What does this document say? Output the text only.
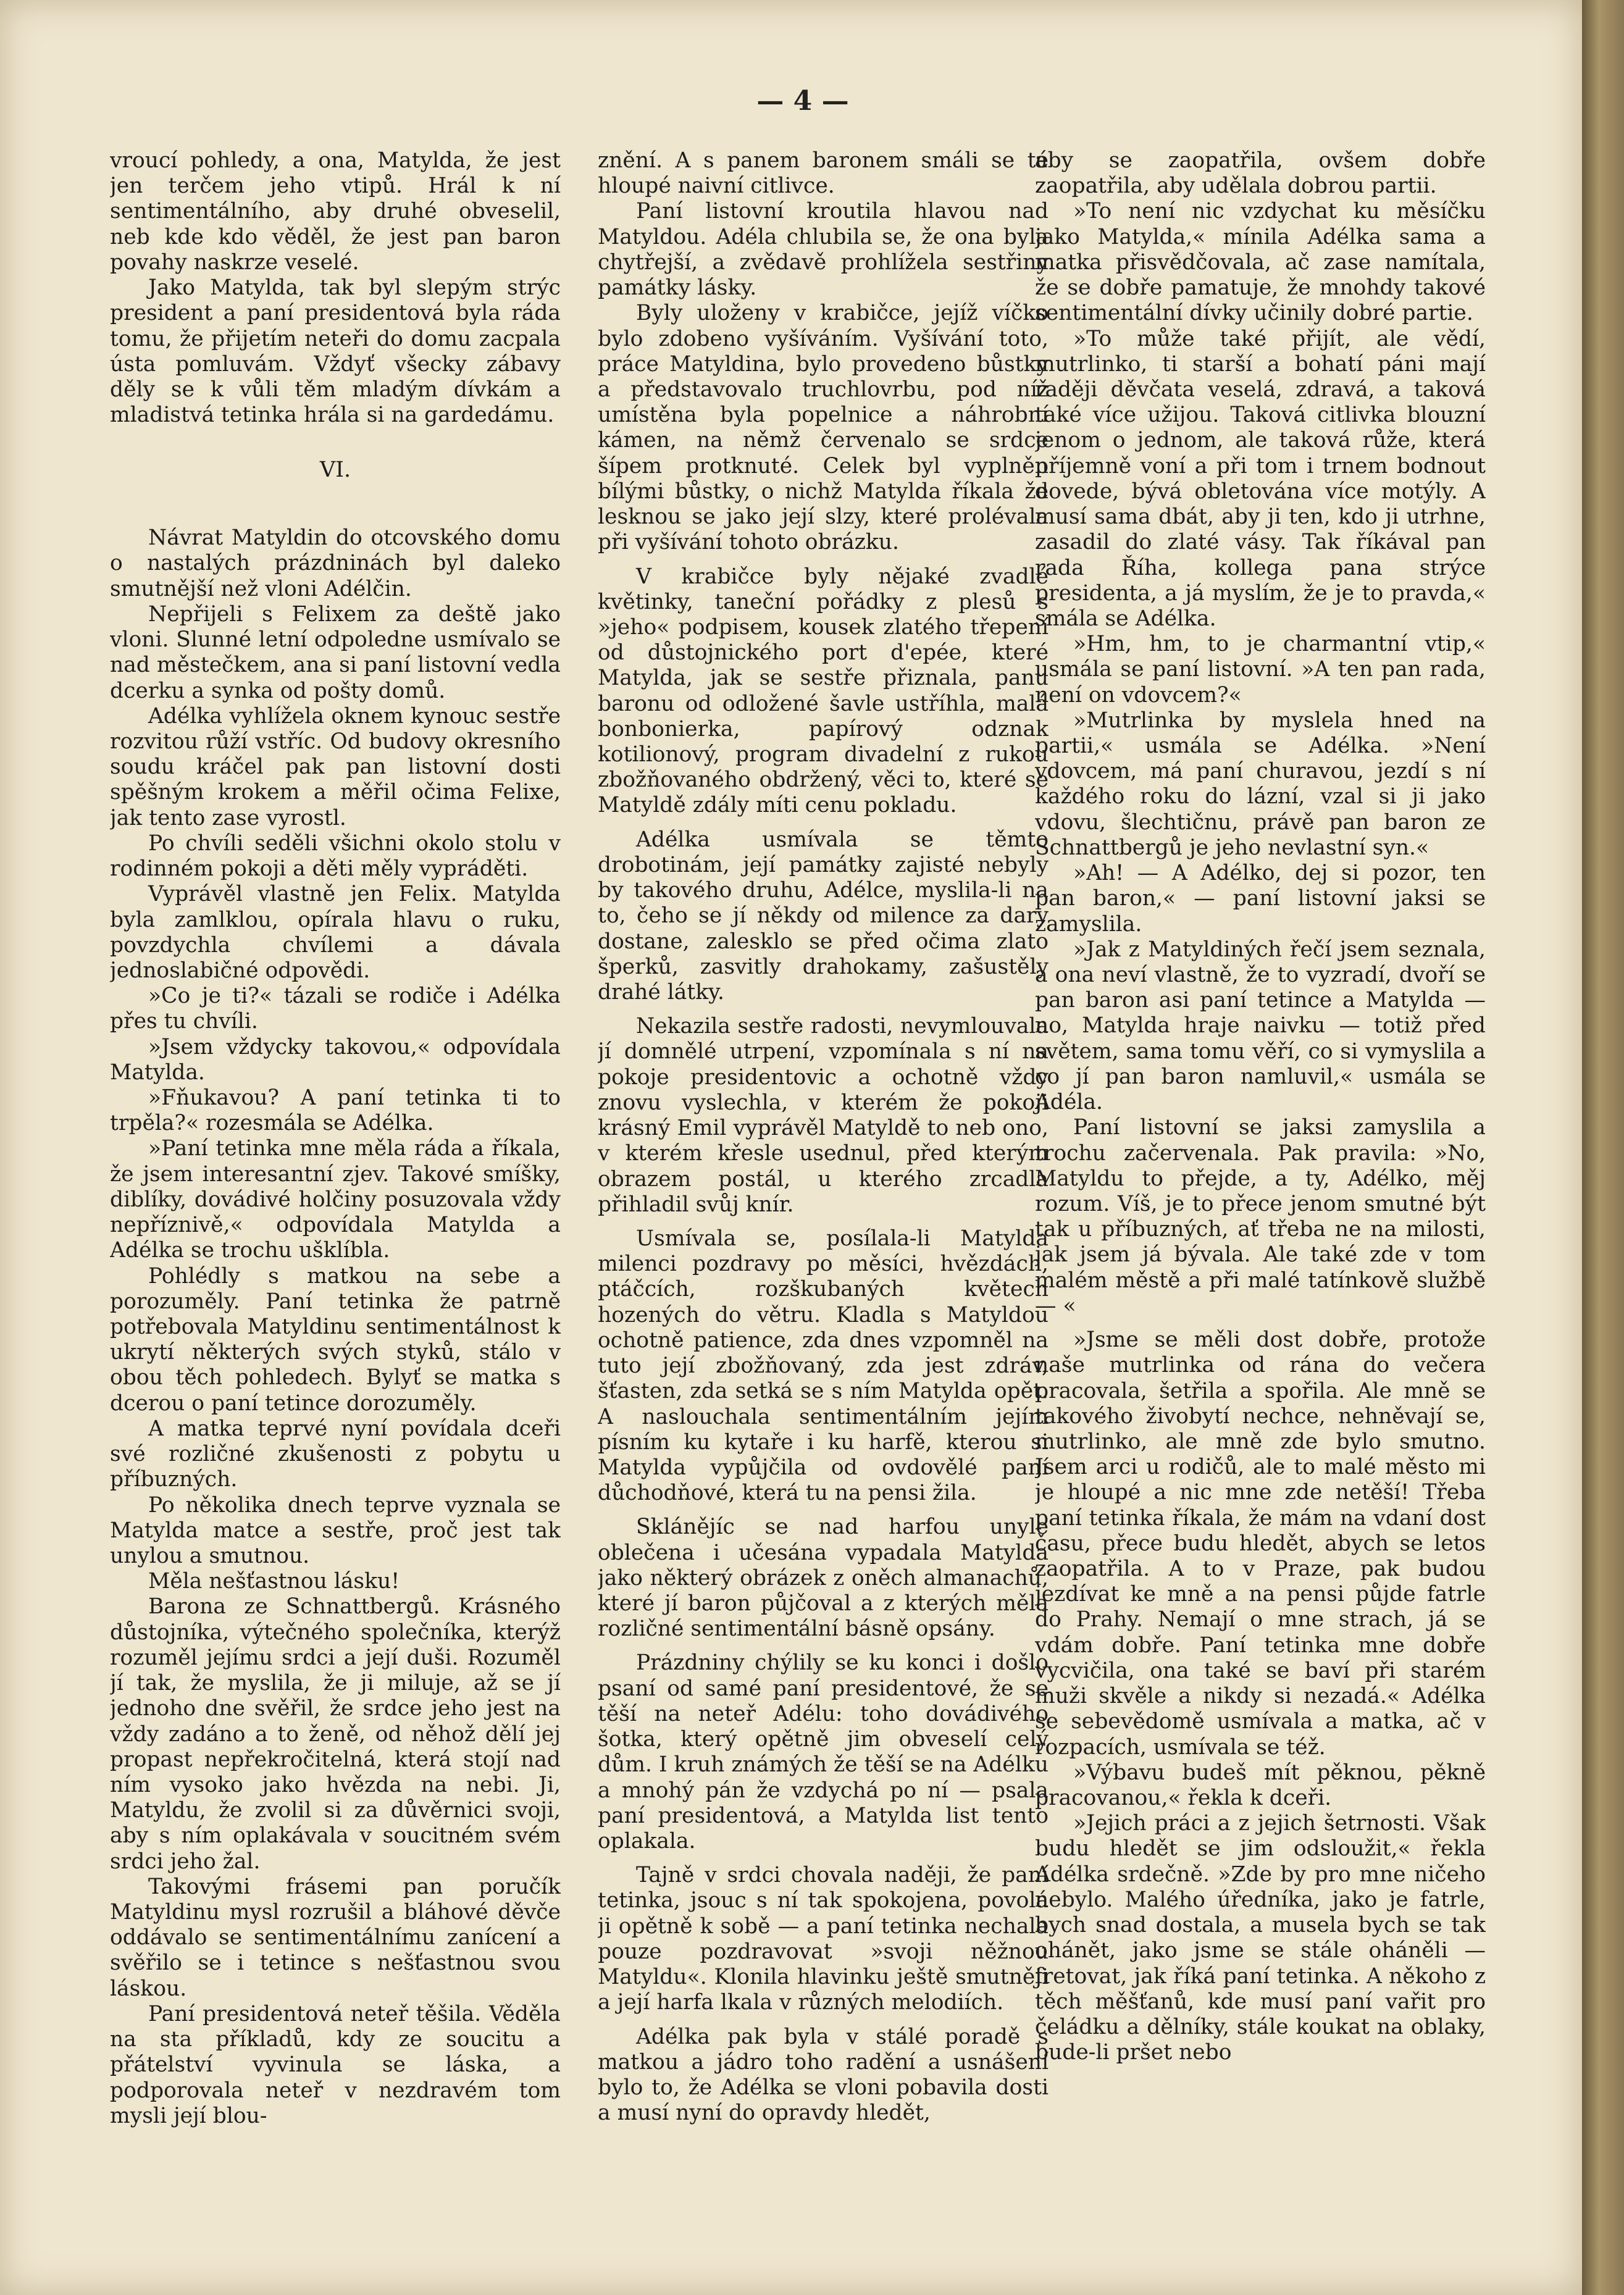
— 4 —

vroucí pohledy, a ona, Matylda, že jest jen terčem jeho vtipů. Hrál k ní sentimentálního, aby druhé obveselil, neb kde kdo věděl, že jest pan baron povahy naskrze veselé.

Jako Matylda, tak byl slepým strýc president a paní presidentová byla ráda tomu, že přijetím neteři do domu zacpala ústa pomluvám. Vždyť všecky zábavy děly se k vůli těm mladým dívkám a mladistvá tetinka hrála si na gardedámu.

VI.

Návrat Matyldin do otcovského domu o nastalých prázdninách byl daleko smutnější než vloni Adélčin.

Nepřijeli s Felixem za deště jako vloni. Slunné letní odpoledne usmívalo se nad městečkem, ana si paní listovní vedla dcerku a synka od pošty domů.

Adélka vyhlížela oknem kynouc sestře rozvitou růží vstříc. Od budovy okresního soudu kráčel pak pan listovní dosti spěšným krokem a měřil očima Felixe, jak tento zase vyrostl.

Po chvíli seděli všichni okolo stolu v rodinném pokoji a děti měly vypráděti.

Vyprávěl vlastně jen Felix. Matylda byla zamlklou, opírala hlavu o ruku, povzdychla chvílemi a dávala jednoslabičné odpovědi.

»Co je ti?« tázali se rodiče i Adélka přes tu chvíli.

»Jsem vždycky takovou,« odpovídala Matylda.

»Fňukavou? A paní tetinka ti to trpěla?« rozesmála se Adélka.

»Paní tetinka mne měla ráda a říkala, že jsem interesantní zjev. Takové smíšky, diblíky, dovádivé holčiny posuzovala vždy nepříznivě,« odpovídala Matylda a Adélka se trochu ušklíbla.

Pohlédly s matkou na sebe a porozuměly. Paní tetinka že patrně potřebovala Matyldinu sentimentálnost k ukrytí některých svých styků, stálo v obou těch pohledech. Bylyť se matka s dcerou o paní tetince dorozuměly.

A matka teprvé nyní povídala dceři své rozličné zkušenosti z pobytu u příbuzných.

Po několika dnech teprve vyznala se Matylda matce a sestře, proč jest tak unylou a smutnou.

Měla nešťastnou lásku!

Barona ze Schnattbergů. Krásného důstojníka, výtečného společníka, kterýž rozuměl jejímu srdci a její duši. Rozuměl jí tak, že myslila, že ji miluje, až se jí jednoho dne svěřil, že srdce jeho jest na vždy zadáno a to ženě, od něhož dělí jej propast nepřekročitelná, která stojí nad ním vysoko jako hvězda na nebi. Ji, Matyldu, že zvolil si za důvěrnici svoji, aby s ním oplakávala v soucitném svém srdci jeho žal.

Takovými frásemi pan poručík Matyldinu mysl rozrušil a bláhové děvče oddávalo se sentimentálnímu zanícení a svěřilo se i tetince s nešťastnou svou láskou.

Paní presidentová neteř těšila. Věděla na sta příkladů, kdy ze soucitu a přátelství vyvinula se láska, a podporovala neteř v nezdravém tom mysli její blou-

znění. A s panem baronem smáli se té hloupé naivní citlivce.

Paní listovní kroutila hlavou nad Matyldou. Adéla chlubila se, že ona byla chytřejší, a zvědavě prohlížela sestřiny památky lásky.

Byly uloženy v krabičce, jejíž víčko bylo zdobeno vyšíváním. Vyšívání toto, práce Matyldina, bylo provedeno bůstky a představovalo truchlovrbu, pod níž umístěna byla popelnice a náhrobní kámen, na němž červenalo se srdce šípem protknuté. Celek byl vyplněn bílými bůstky, o nichž Matylda říkala že lesknou se jako její slzy, které prolévala při vyšívání tohoto obrázku.

V krabičce byly nějaké zvadlé květinky, taneční pořádky z plesů s »jeho« podpisem, kousek zlatého třepení od důstojnického port d'epée, které Matylda, jak se sestře přiznala, panu baronu od odložené šavle ustříhla, malá bonbonierka, papírový odznak kotilionový, program divadelní z rukou zbožňovaného obdržený, věci to, které se Matyldě zdály míti cenu pokladu.

Adélka usmívala se těmto drobotinám, její památky zajisté nebyly by takového druhu, Adélce, myslila-li na to, čeho se jí někdy od milence za dary dostane, zalesklo se před očima zlato šperků, zasvitly drahokamy, zašustěly drahé látky.

Nekazila sestře radosti, nevymlouvala jí domnělé utrpení, vzpomínala s ní na pokoje presidentovic a ochotně vždy znovu vyslechla, v kterém že pokoji krásný Emil vyprávěl Matyldě to neb ono, v kterém křesle usednul, před kterým obrazem postál, u kterého zrcadla přihladil svůj knír.

Usmívala se, posílala-li Matylda milenci pozdravy po měsíci, hvězdách, ptáčcích, rozškubaných květech hozených do větru. Kladla s Matyldou ochotně patience, zda dnes vzpomněl na tuto její zbožňovaný, zda jest zdráv, šťasten, zda setká se s ním Matylda opět. A naslouchala sentimentálním jejím písním ku kytaře i ku harfě, kterou si Matylda vypůjčila od ovdovělé paní důchodňové, která tu na pensi žila.

Sklánějíc se nad harfou unyle oblečena i učesána vypadala Matylda jako některý obrázek z oněch almanachů, které jí baron půjčoval a z kterých měla rozličné sentimentální básně opsány.

Prázdniny chýlily se ku konci i došlo psaní od samé paní presidentové, že se těší na neteř Adélu: toho dovádivého šotka, který opětně jim obveselí celý dům. I kruh známých že těší se na Adélku a mnohý pán že vzdychá po ní — psala paní presidentová, a Matylda list tento oplakala.

Tajně v srdci chovala naději, že paní tetinka, jsouc s ní tak spokojena, povolá ji opětně k sobě — a paní tetinka nechala pouze pozdravovat »svoji něžnou Matyldu«. Klonila hlavinku ještě smutněji a její harfa lkala v různých melodiích.

Adélka pak byla v stálé poradě s matkou a jádro toho radění a usnášení bylo to, že Adélka se vloni pobavila dosti a musí nyní do opravdy hledět,

aby se zaopatřila, ovšem dobře zaopatřila, aby udělala dobrou partii.

»To není nic vzdychat ku měsíčku jako Matylda,« mínila Adélka sama a matka přisvědčovala, ač zase namítala, že se dobře pamatuje, že mnohdy takové sentimentální dívky učinily dobré partie.

»To může také přijít, ale vědí, mutrlinko, ti starší a bohatí páni mají raději děvčata veselá, zdravá, a taková také více užijou. Taková citlivka blouzní jenom o jednom, ale taková růže, která příjemně voní a při tom i trnem bodnout dovede, bývá obletována více motýly. A musí sama dbát, aby ji ten, kdo ji utrhne, zasadil do zlaté vásy. Tak říkával pan rada Říha, kollega pana strýce presidenta, a já myslím, že je to pravda,« smála se Adélka.

»Hm, hm, to je charmantní vtip,« usmála se paní listovní. »A ten pan rada, není on vdovcem?«

»Mutrlinka by myslela hned na partii,« usmála se Adélka. »Není vdovcem, má paní churavou, jezdí s ní každého roku do lázní, vzal si ji jako vdovu, šlechtičnu, právě pan baron ze Schnattbergů je jeho nevlastní syn.«

»Ah! — A Adélko, dej si pozor, ten pan baron,« — paní listovní jaksi se zamyslila.

»Jak z Matyldiných řečí jsem seznala, a ona neví vlastně, že to vyzradí, dvoří se pan baron asi paní tetince a Matylda — no, Matylda hraje naivku — totiž před světem, sama tomu věří, co si vymyslila a co jí pan baron namluvil,« usmála se Adéla.

Paní listovní se jaksi zamyslila a trochu začervenala. Pak pravila: »No, Matyldu to přejde, a ty, Adélko, měj rozum. Víš, je to přece jenom smutné být tak u příbuzných, ať třeba ne na milosti, jak jsem já bývala. Ale také zde v tom malém městě a při malé tatínkově službě — «

»Jsme se měli dost dobře, protože naše mutrlinka od rána do večera pracovala, šetřila a spořila. Ale mně se takového živobytí nechce, nehněvají se, mutrlinko, ale mně zde bylo smutno. Jsem arci u rodičů, ale to malé město mi je hloupé a nic mne zde netěší! Třeba paní tetinka říkala, že mám na vdaní dost času, přece budu hledět, abych se letos zaopatřila. A to v Praze, pak budou jezdívat ke mně a na pensi půjde fatrle do Prahy. Nemají o mne strach, já se vdám dobře. Paní tetinka mne dobře vycvičila, ona také se baví při starém muži skvěle a nikdy si nezadá.« Adélka se sebevědomě usmívala a matka, ač v rozpacích, usmívala se též.

»Výbavu budeš mít pěknou, pěkně pracovanou,« řekla k dceři.

»Jejich práci a z jejich šetrnosti. Však budu hledět se jim odsloužit,« řekla Adélka srdečně. »Zde by pro mne ničeho nebylo. Malého úředníka, jako je fatrle, bych snad dostala, a musela bych se tak ohánět, jako jsme se stále oháněli — fretovat, jak říká paní tetinka. A někoho z těch měšťanů, kde musí paní vařit pro čeládku a dělníky, stále koukat na oblaky, bude-li pršet nebo
